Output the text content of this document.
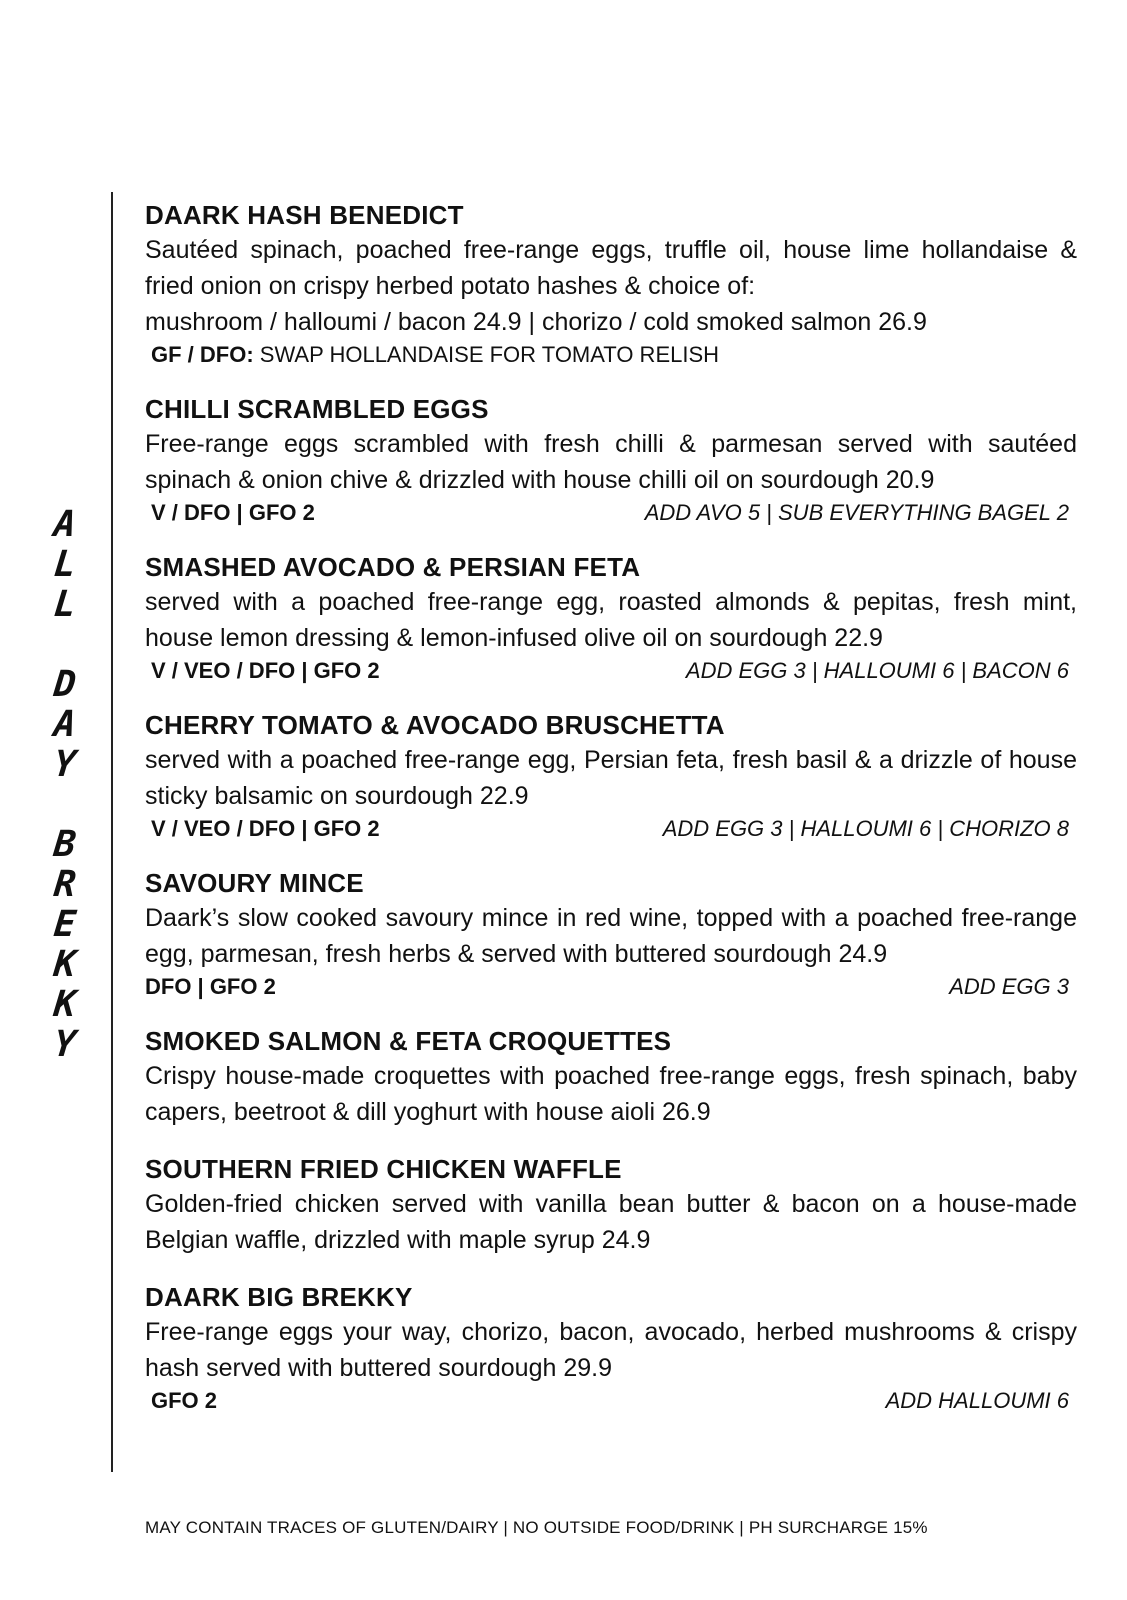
A
L
L
D
A
Y
B
R
E
K
K
Y
DAARK HASH BENEDICT
Sautéed spinach, poached free-range eggs, truffle oil, house lime hollandaise & fried onion on crispy herbed potato hashes & choice of:
mushroom / halloumi / bacon 24.9 | chorizo / cold smoked salmon 26.9
GF / DFO: SWAP HOLLANDAISE FOR TOMATO RELISH
CHILLI SCRAMBLED EGGS
Free-range eggs scrambled with fresh chilli & parmesan served with sautéed spinach & onion chive & drizzled with house chilli oil on sourdough 20.9
V / DFO | GFO 2	ADD AVO 5 | SUB EVERYTHING BAGEL 2
SMASHED AVOCADO & PERSIAN FETA
served with a poached free-range egg, roasted almonds & pepitas, fresh mint, house lemon dressing & lemon-infused olive oil on sourdough 22.9
V / VEO / DFO | GFO 2	ADD EGG 3 | HALLOUMI 6 | BACON 6
CHERRY TOMATO & AVOCADO BRUSCHETTA
served with a poached free-range egg, Persian feta, fresh basil & a drizzle of house sticky balsamic on sourdough 22.9
V / VEO / DFO | GFO 2	ADD EGG 3 | HALLOUMI 6 | CHORIZO 8
SAVOURY MINCE
Daark’s slow cooked savoury mince in red wine, topped with a poached free-range egg, parmesan, fresh herbs & served with buttered sourdough 24.9
DFO | GFO 2	ADD EGG 3
SMOKED SALMON & FETA CROQUETTES
Crispy house-made croquettes with poached free-range eggs, fresh spinach, baby capers, beetroot & dill yoghurt with house aioli 26.9
SOUTHERN FRIED CHICKEN WAFFLE
Golden-fried chicken served with vanilla bean butter & bacon on a house-made Belgian waffle, drizzled with maple syrup 24.9
DAARK BIG BREKKY
Free-range eggs your way, chorizo, bacon, avocado, herbed mushrooms & crispy hash served with buttered sourdough 29.9
GFO 2	ADD HALLOUMI 6
MAY CONTAIN TRACES OF GLUTEN/DAIRY | NO OUTSIDE FOOD/DRINK | PH SURCHARGE 15%
